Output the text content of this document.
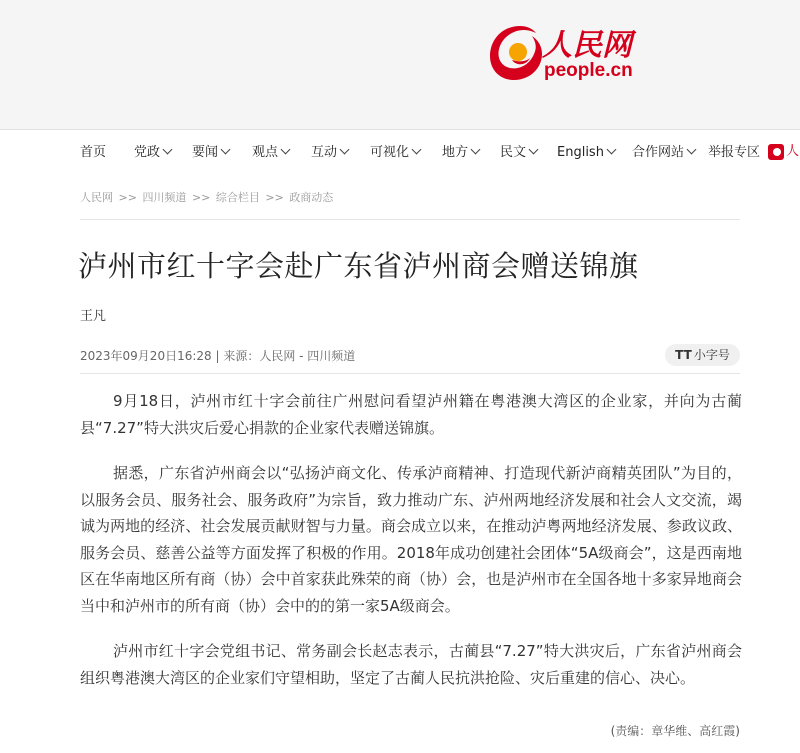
人民网
people.cn
首页 党政	要闻	观点	互动	可视化	地方	民文	English	合作网站	举报专区	人
人民网 >> 四川频道 >> 综合栏目 >> 政商动态
泸州市红十字会赴广东省泸州商会赠送锦旗
王凡
2023年09月20日16:28 | 来源：人民网 - 四川频道	TT 小字号

9月18日，泸州市红十字会前往广州慰问看望泸州籍在粤港澳大湾区的企业家，并向为古蔺县“7.27”特大洪灾后爱心捐款的企业家代表赠送锦旗。

据悉，广东省泸州商会以“弘扬泸商文化、传承泸商精神、打造现代新泸商精英团队”为目的，以服务会员、服务社会、服务政府”为宗旨，致力推动广东、泸州两地经济发展和社会人文交流，竭诚为两地的经济、社会发展贡献财智与力量。商会成立以来，在推动泸粤两地经济发展、参政议政、服务会员、慈善公益等方面发挥了积极的作用。2018年成功创建社会团体“5A级商会”，这是西南地区在华南地区所有商（协）会中首家获此殊荣的商（协）会，也是泸州市在全国各地十多家异地商会当中和泸州市的所有商（协）会中的的第一家5A级商会。

泸州市红十字会党组书记、常务副会长赵志表示，古蔺县“7.27”特大洪灾后，广东省泸州商会组织粤港澳大湾区的企业家们守望相助，坚定了古蔺人民抗洪抢险、灾后重建的信心、决心。

(责编：章华维、高红霞)
